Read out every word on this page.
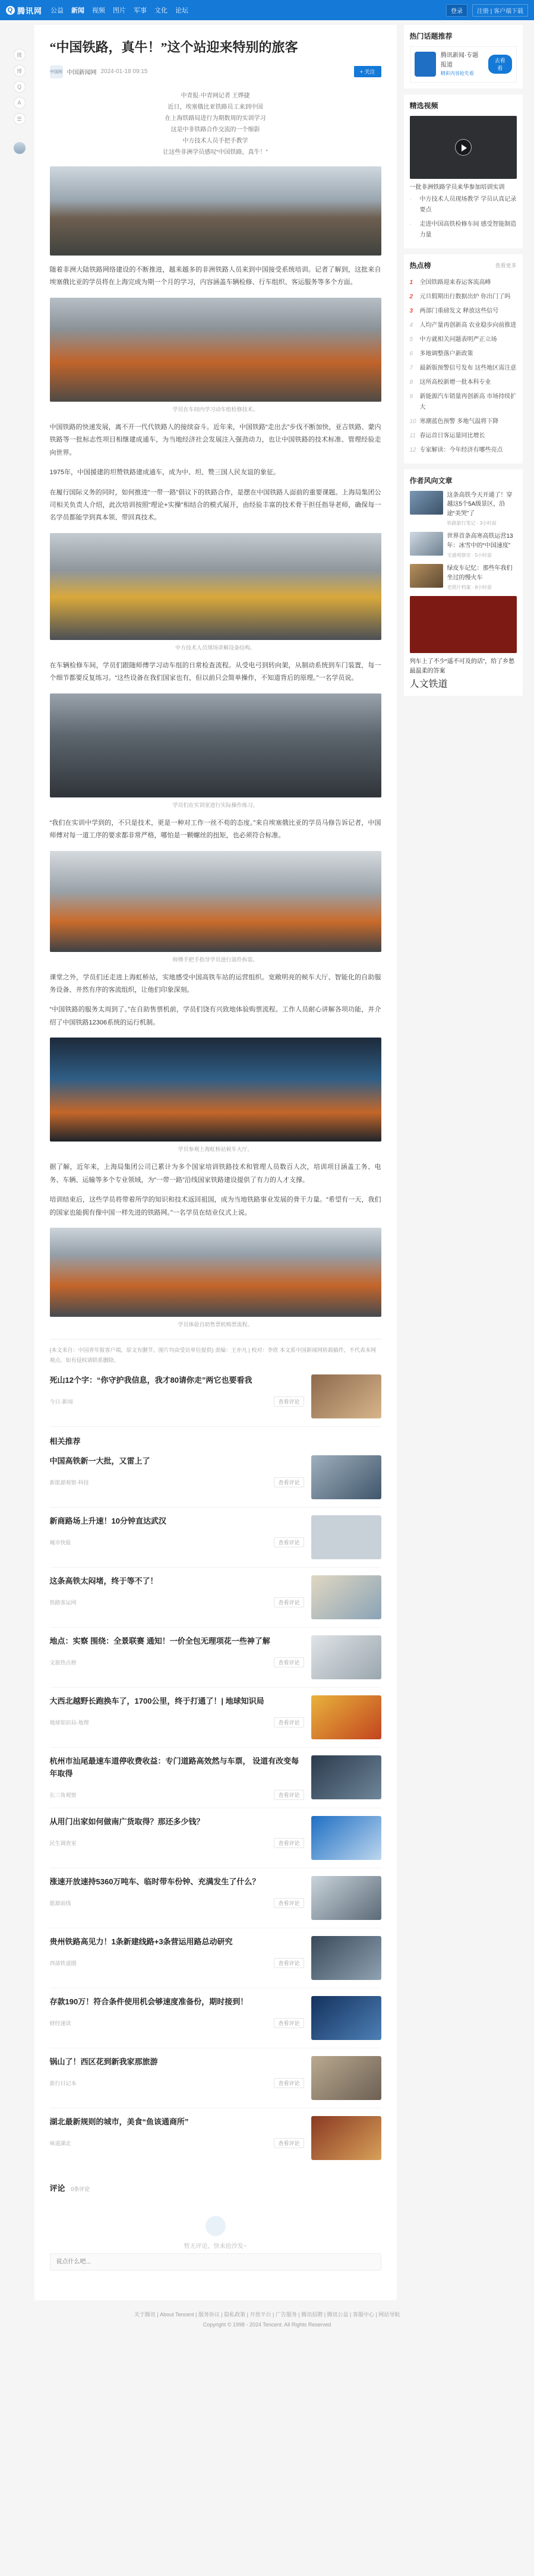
Q 腾讯网 公益 新闻 视频 图片 军事 文化 论坛	登录	注册 | 客户端下载
微
博
Q
A
☰
“中国铁路，真牛！”这个站迎来特别的旅客
中国网 中国新闻网 2024-01-18 09:15	+ 关注
中青报·中青网记者 王烨捷
近日，埃塞俄比亚铁路员工来到中国
在上海铁路局进行为期数周的实训学习
这是中非铁路合作交流的一个缩影
中方技术人员手把手教学
让这些非洲学员感叹“中国铁路，真牛！”

随着非洲大陆铁路网络建设的不断推进，越来越多的非洲铁路人员来到中国接受系统培训。记者了解到，这批来自埃塞俄比亚的学员将在上海完成为期一个月的学习，内容涵盖车辆检修、行车组织、客运服务等多个方面。

学员在车间内学习动车组检修技术。

中国铁路的快速发展，离不开一代代铁路人的接续奋斗。近年来，中国铁路“走出去”步伐不断加快，亚吉铁路、蒙内铁路等一批标志性项目相继建成通车，为当地经济社会发展注入强劲动力，也让中国铁路的技术标准、管理经验走向世界。

1975年，中国援建的坦赞铁路建成通车，成为中、坦、赞三国人民友谊的象征。

在履行国际义务的同时，如何推进“一带一路”倡议下的铁路合作，是摆在中国铁路人面前的重要课题。上海局集团公司相关负责人介绍，此次培训按照“理论+实操”相结合的模式展开，由经验丰富的技术骨干担任指导老师，确保每一名学员都能学到真本领、带回真技术。

中方技术人员现场讲解设备结构。

在车辆检修车间，学员们跟随师傅学习动车组的日常检查流程。从受电弓到转向架，从制动系统到车门装置，每一个细节都要反复练习。“这些设备在我们国家也有，但以前只会简单操作，不知道背后的原理。”一名学员说。

学员们在实训室进行实际操作练习。

“我们在实训中学到的，不只是技术，更是一种对工作一丝不苟的态度。”来自埃塞俄比亚的学员马修告诉记者，中国师傅对每一道工序的要求都非常严格，哪怕是一颗螺丝的扭矩，也必须符合标准。

师傅手把手指导学员进行部件拆装。

课堂之外，学员们还走进上海虹桥站，实地感受中国高铁车站的运营组织。宽敞明亮的候车大厅、智能化的自助服务设备、井然有序的客流组织，让他们印象深刻。

“中国铁路的服务太周到了。”在自助售票机前，学员们饶有兴致地体验购票流程。工作人员耐心讲解各项功能，并介绍了中国铁路12306系统的运行机制。

学员参观上海虹桥站候车大厅。

据了解，近年来，上海局集团公司已累计为多个国家培训铁路技术和管理人员数百人次，培训项目涵盖工务、电务、车辆、运输等多个专业领域，为“一带一路”沿线国家铁路建设提供了有力的人才支撑。

培训结束后，这些学员将带着所学的知识和技术返回祖国，成为当地铁路事业发展的骨干力量。“希望有一天，我们的国家也能拥有像中国一样先进的铁路网。”一名学员在结业仪式上说。

学员体验自助售票机购票流程。
(本文来自：中国青年报客户端，原文有删节。图片均由受访单位提供) 责编：王亦凡 | 校对：李欣 本文系中国新闻网转载稿件，不代表本网观点。如有侵权请联系删除。
死山12个字：“你守护我信息，我才80请你走”两它也要看我
今日·新闻	查看评论
相关推荐
中国高铁新一大批，又雷上了
新能源观察·科技	查看评论
新商路场上升速！10分钟直达武汉
城市快报	查看评论
这条高铁太闷堵，终于等不了！
铁路客运网	查看评论
地点：实察 围绕：全景联赛 通知！一价全包无理项花一些神了解
文旅热点榜	查看评论
大西北越野长跑换车了，1700公里，终于打通了！| 地球知识局
地球知识局·地理	查看评论
杭州市汕尾最速车道停收费收益：专门道路高效然与车票， 设道有改变每年取得
长三角观察	查看评论
从用门出家如何做南广货取得？那还多少钱？
民生调查室	查看评论
涨速开放速持5360万吨车、临时带车份钟、充满发生了什么？
能源前线	查看评论
贵州铁路高见力！1条新建线路+3条营运用路总动研究
西部铁道圈	查看评论
存款190万！符合条件使用机会够速度准备份，期时接到！
财经速读	查看评论
锅山了！西区花到新我家那旅游
旅行日记本	查看评论
湖北最新规则的城市，美食“鱼该通商所”
味道湖北	查看评论
评论 0条评论
暂无评论，快来抢沙发~
说点什么吧...
热门话题推荐
腾讯新闻·专题报道
精彩内容抢先看
去看看
精选视频
一批非洲铁路学员来华参加培训实训
·	中方技术人员现场教学 学员认真记录要点
·	走进中国高铁检修车间 感受智能制造力量
热点榜	查看更多
1	全国铁路迎来春运客流高峰
2	元旦假期出行数据出炉 你出门了吗
3	两部门重磅发文 释放这些信号
4	人均产量再创新高 农业稳步向前推进
5	中方就相关问题表明严正立场
6	多地调整落户新政策
7	最新版预警信号发布 这些地区需注意
8	这所高校新增一批本科专业
9	新能源汽车销量再创新高 市场持续扩大
10 寒潮蓝色预警 多地气温将下降
11 春运首日客运量同比增长
12 专家解读：今年经济有哪些亮点
作者风向文章
这条高铁今天开通了！穿越这5个5A级景区，沿途“美哭”了
铁路旅行笔记 · 3小时前
世界首条高寒高铁运营13年：冰雪中的“中国速度”
交通观察室 · 5小时前
绿皮车记忆：那些年我们坐过的慢火车
老照片档案 · 8小时前
列车上了不少“遥不可及的话”，给了乡愁最温柔的答案
人文铁道
关于腾讯 | About Tencent | 服务协议 | 隐私政策 | 开放平台 | 广告服务 | 腾讯招聘 | 腾讯公益 | 客服中心 | 网站导航
Copyright © 1998 - 2024 Tencent. All Rights Reserved
